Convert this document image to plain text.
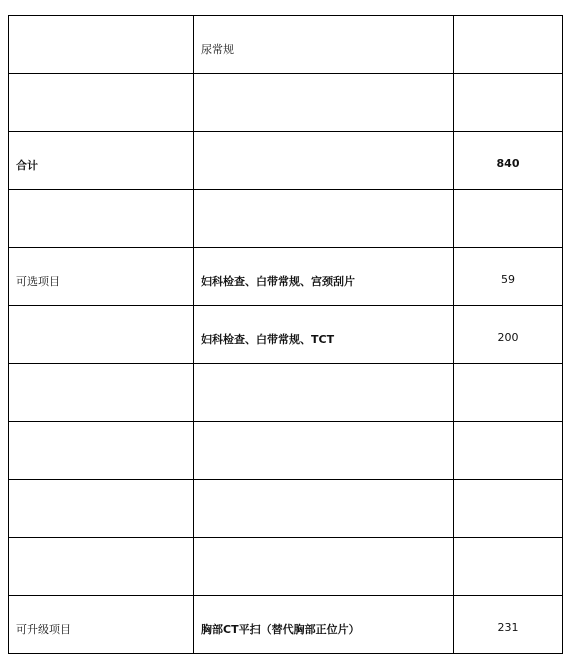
	尿常规	

合计		840

可选项目	妇科检查、白带常规、宫颈刮片	59

	妇科检查、白带常规、TCT	200

可升级项目	胸部CT平扫（替代胸部正位片）	231
